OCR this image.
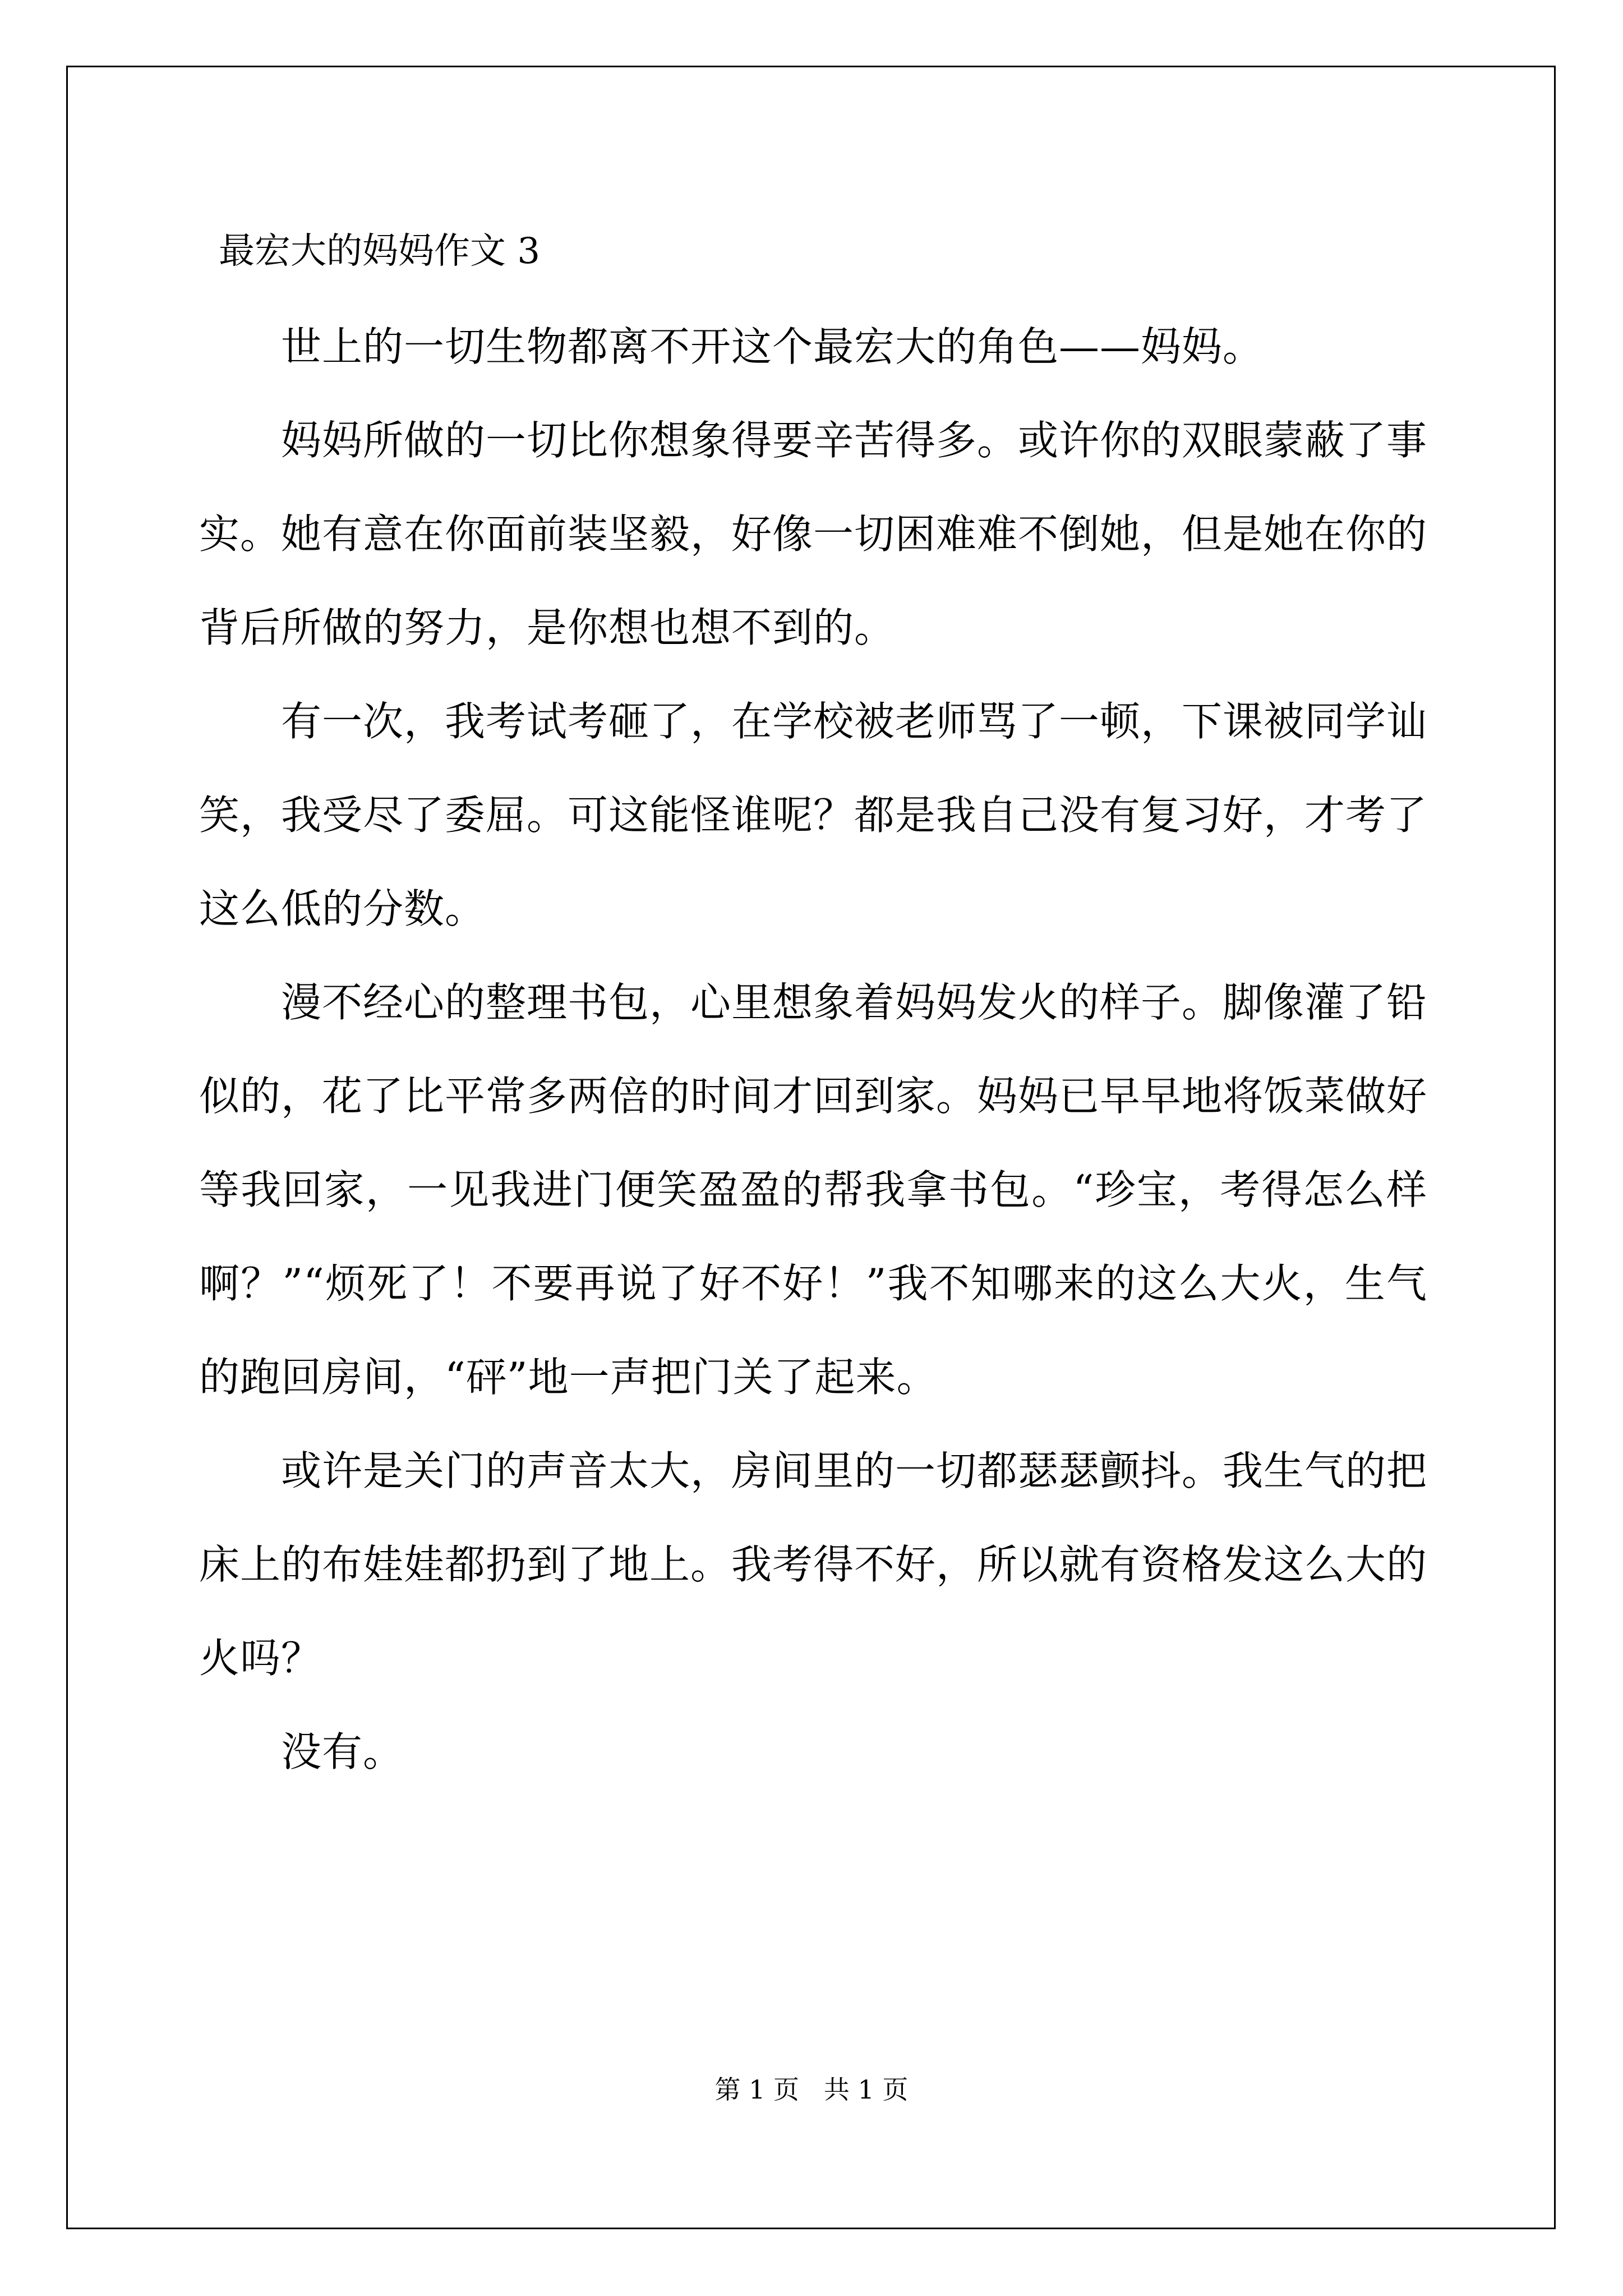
最宏大的妈妈作文 3

世上的一切生物都离不开这个最宏大的角色——妈妈。

妈妈所做的一切比你想象得要辛苦得多。或许你的双眼蒙蔽了事实。她有意在你面前装坚毅，好像一切困难难不倒她，但是她在你的背后所做的努力，是你想也想不到的。

有一次，我考试考砸了，在学校被老师骂了一顿，下课被同学讪笑，我受尽了委屈。可这能怪谁呢？都是我自己没有复习好，才考了这么低的分数。

漫不经心的整理书包，心里想象着妈妈发火的样子。脚像灌了铅似的，花了比平常多两倍的时间才回到家。妈妈已早早地将饭菜做好等我回家，一见我进门便笑盈盈的帮我拿书包。“珍宝，考得怎么样啊？”“烦死了！不要再说了好不好！”我不知哪来的这么大火，生气的跑回房间，“砰”地一声把门关了起来。

或许是关门的声音太大，房间里的一切都瑟瑟颤抖。我生气的把床上的布娃娃都扔到了地上。我考得不好，所以就有资格发这么大的火吗？

没有。

第 1 页   共 1 页
